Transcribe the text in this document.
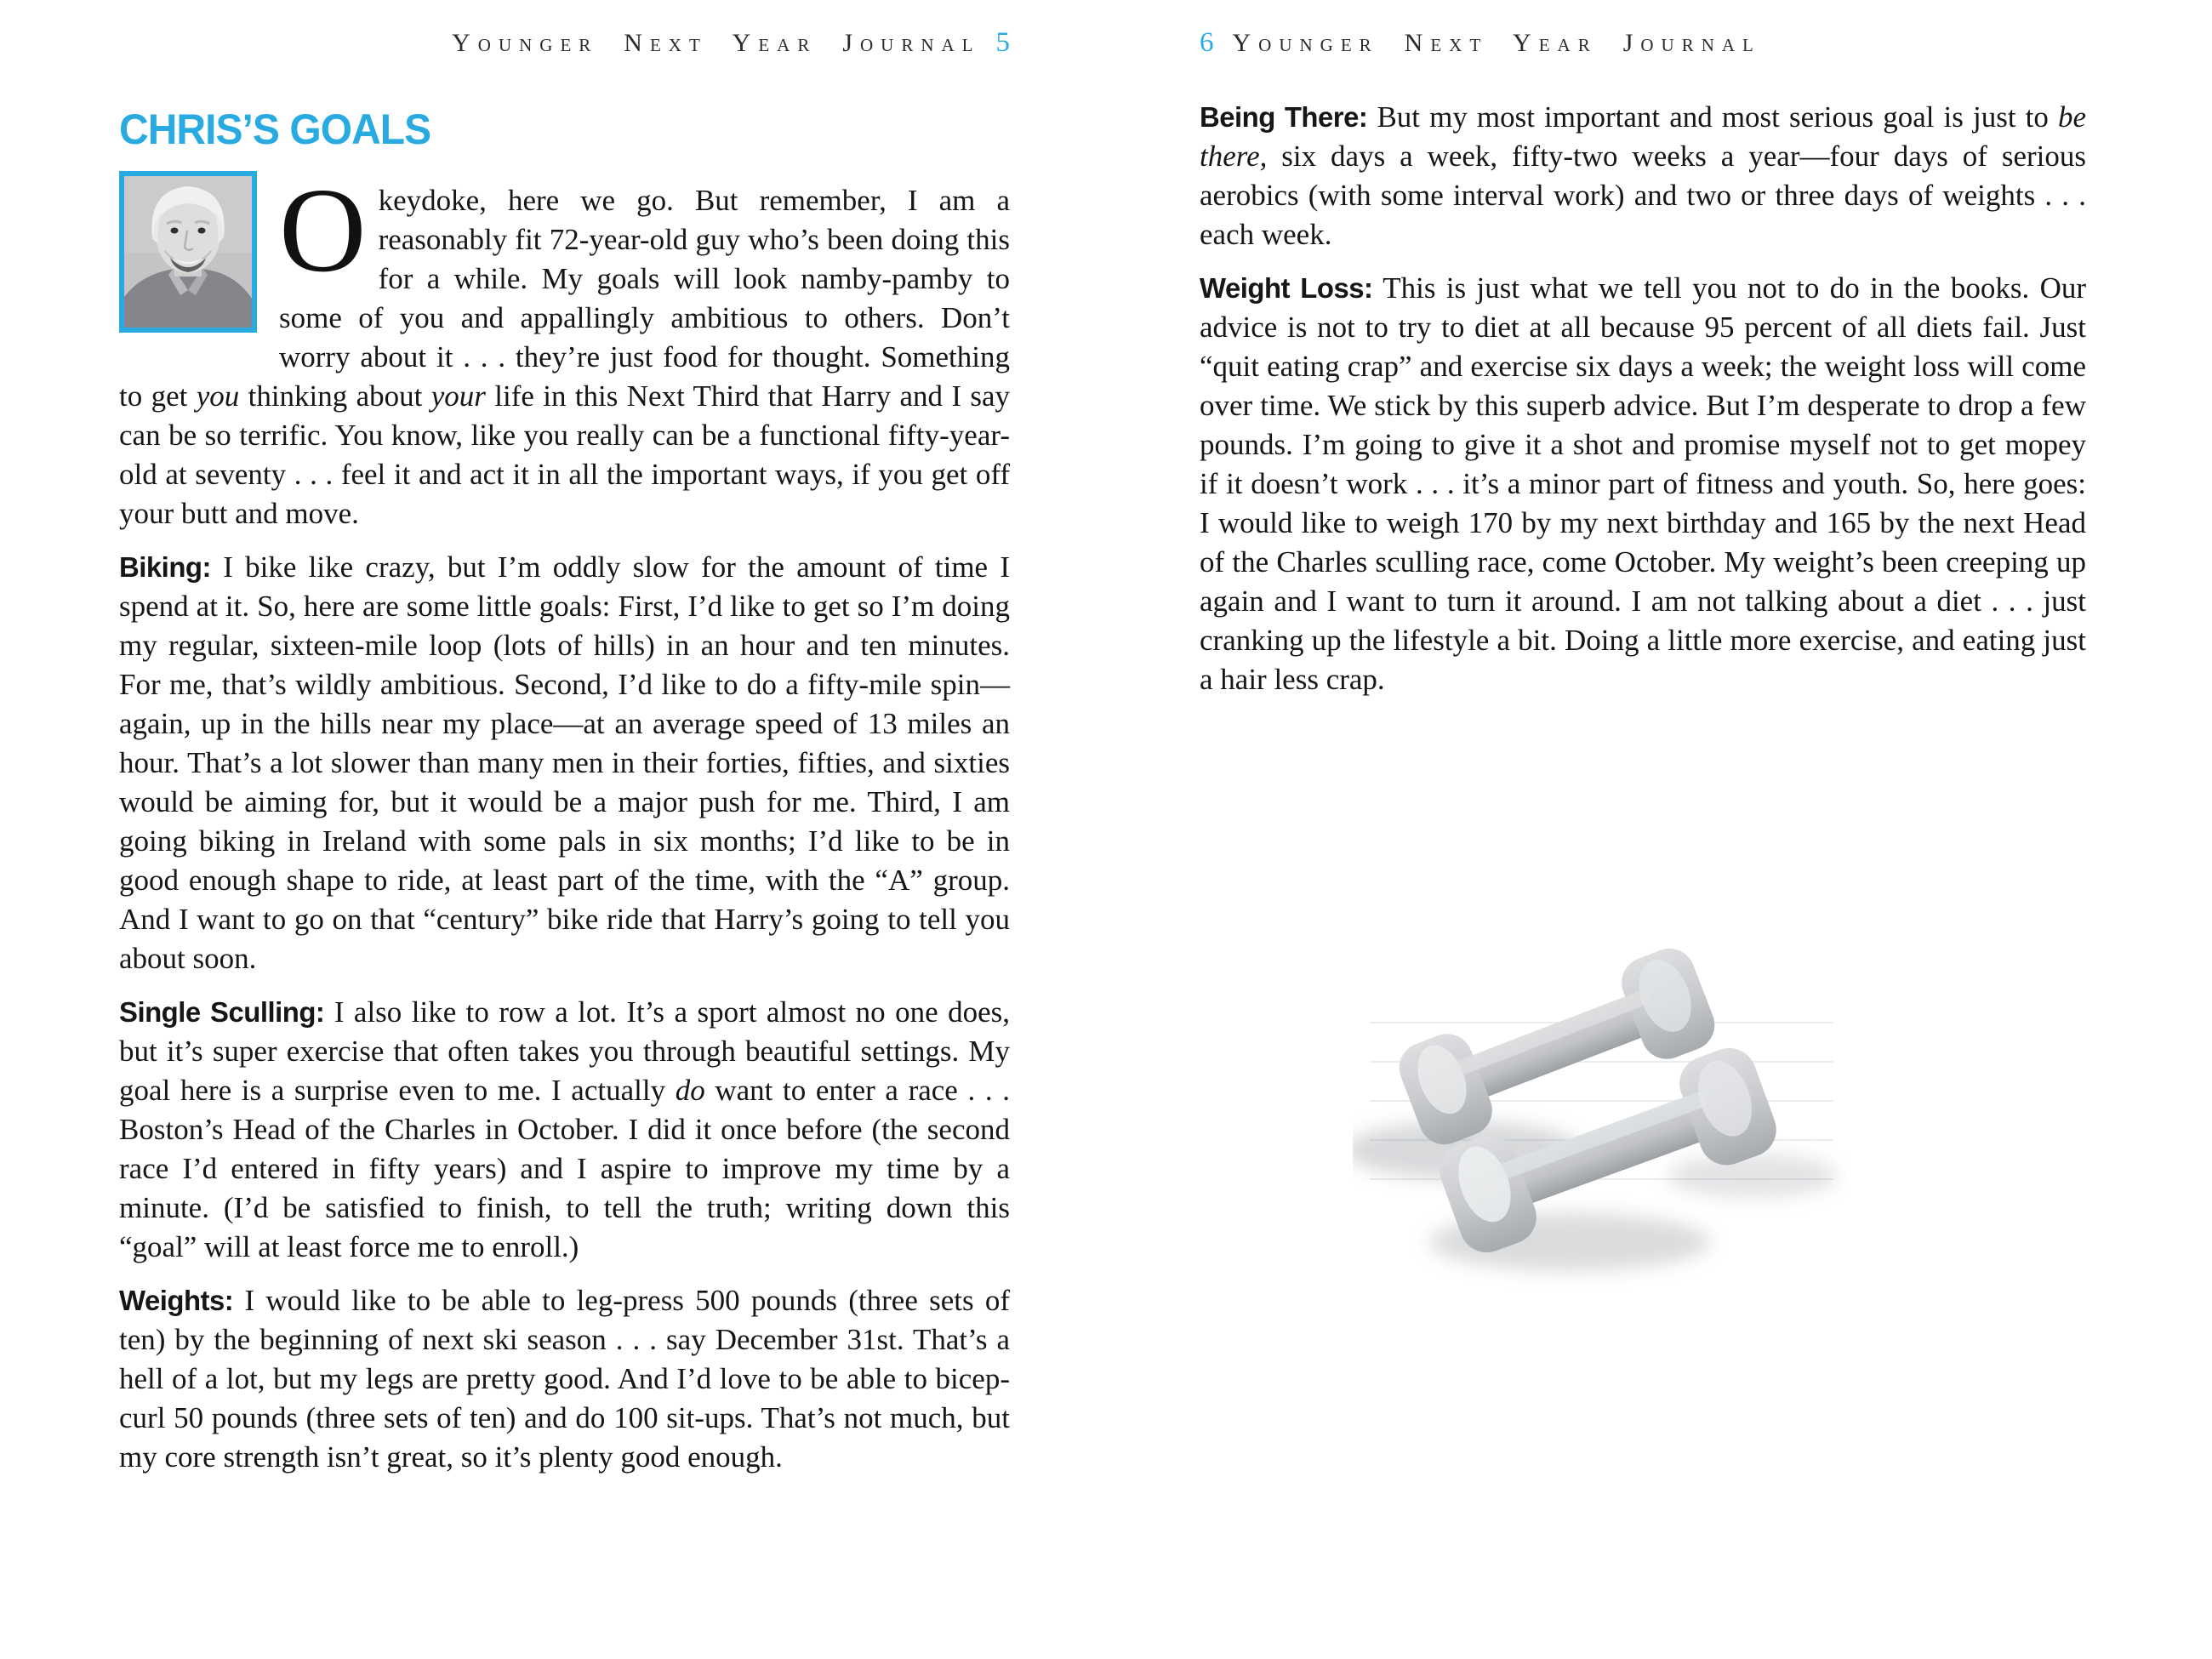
Younger Next Year Journal 5
CHRIS’S GOALS
O keydoke, here we go. But remember, I am a reasonably fit 72-year-old guy who’s been doing this for a while. My goals will look namby-pamby to some of you and appallingly ambitious to others. Don’t worry about it . . . they’re just food for thought. Something to get you thinking about your life in this Next Third that Harry and I say can be so terrific. You know, like you really can be a functional fifty-year-old at seventy . . . feel it and act it in all the important ways, if you get off your butt and move.

Biking: I bike like crazy, but I’m oddly slow for the amount of time I spend at it. So, here are some little goals: First, I’d like to get so I’m doing my regular, sixteen-mile loop (lots of hills) in an hour and ten minutes. For me, that’s wildly ambitious. Second, I’d like to do a fifty-mile spin—again, up in the hills near my place—at an average speed of 13 miles an hour. That’s a lot slower than many men in their forties, fifties, and sixties would be aiming for, but it would be a major push for me. Third, I am going biking in Ireland with some pals in six months; I’d like to be in good enough shape to ride, at least part of the time, with the “A” group. And I want to go on that “century” bike ride that Harry’s going to tell you about soon.

Single Sculling: I also like to row a lot. It’s a sport almost no one does, but it’s super exercise that often takes you through beautiful settings. My goal here is a surprise even to me. I actually do want to enter a race . . . Boston’s Head of the Charles in October. I did it once before (the second race I’d entered in fifty years) and I aspire to improve my time by a minute. (I’d be satisfied to finish, to tell the truth; writing down this “goal” will at least force me to enroll.)

Weights: I would like to be able to leg-press 500 pounds (three sets of ten) by the beginning of next ski season . . . say December 31st. That’s a hell of a lot, but my legs are pretty good. And I’d love to be able to bicep-curl 50 pounds (three sets of ten) and do 100 sit-ups. That’s not much, but my core strength isn’t great, so it’s plenty good enough.

6 Younger Next Year Journal

Being There: But my most important and most serious goal is just to be there, six days a week, fifty-two weeks a year—four days of serious aerobics (with some interval work) and two or three days of weights . . . each week.

Weight Loss: This is just what we tell you not to do in the books. Our advice is not to try to diet at all because 95 percent of all diets fail. Just “quit eating crap” and exercise six days a week; the weight loss will come over time. We stick by this superb advice. But I’m desperate to drop a few pounds. I’m going to give it a shot and promise myself not to get mopey if it doesn’t work . . . it’s a minor part of fitness and youth. So, here goes: I would like to weigh 170 by my next birthday and 165 by the next Head of the Charles sculling race, come October. My weight’s been creeping up again and I want to turn it around. I am not talking about a diet . . . just cranking up the lifestyle a bit. Doing a little more exercise, and eating just a hair less crap.
